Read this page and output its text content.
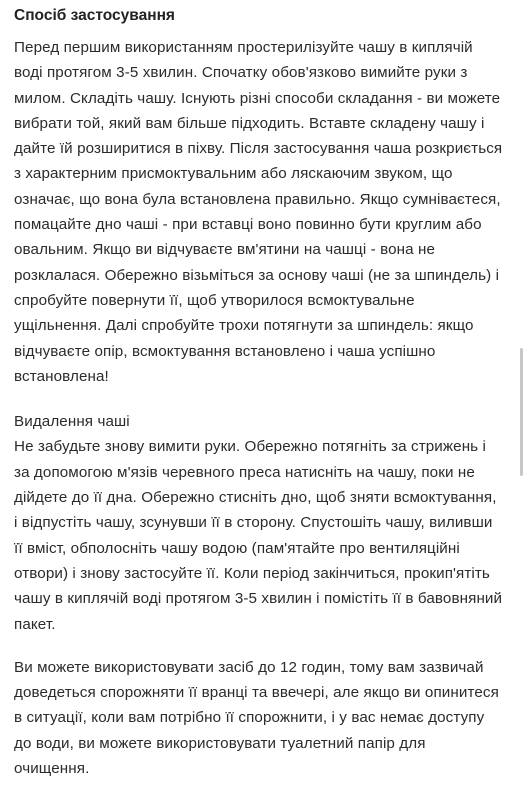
Спосіб застосування

Перед першим використанням простерилізуйте чашу в киплячій воді протягом 3-5 хвилин. Спочатку обов'язково вимийте руки з милом. Складіть чашу. Існують різні способи складання - ви можете вибрати той, який вам більше підходить. Вставте складену чашу і дайте їй розширитися в піхву. Після застосування чаша розкриється з характерним присмоктувальним або ляскаючим звуком, що означає, що вона була встановлена правильно. Якщо сумніваєтеся, помацайте дно чаші - при вставці воно повинно бути круглим або овальним. Якщо ви відчуваєте вм'ятини на чашці - вона не розклалася. Обережно візьміться за основу чаші (не за шпиндель) і спробуйте повернути її, щоб утворилося всмоктувальне ущільнення. Далі спробуйте трохи потягнути за шпиндель: якщо відчуваєте опір, всмоктування встановлено і чаша успішно встановлена!

Видалення чаші
Не забудьте знову вимити руки. Обережно потягніть за стрижень і за допомогою м'язів черевного преса натисніть на чашу, поки не дійдете до її дна. Обережно стисніть дно, щоб зняти всмоктування, і відпустіть чашу, зсунувши її в сторону. Спустошіть чашу, виливши її вміст, обполосніть чашу водою (пам'ятайте про вентиляційні отвори) і знову застосуйте її. Коли період закінчиться, прокип'ятіть чашу в киплячій воді протягом 3-5 хвилин і помістіть її в бавовняний пакет.

Ви можете використовувати засіб до 12 годин, тому вам зазвичай доведеться спорожняти її вранці та ввечері, але якщо ви опинитеся в ситуації, коли вам потрібно її спорожнити, і у вас немає доступу до води, ви можете використовувати туалетний папір для очищення.
